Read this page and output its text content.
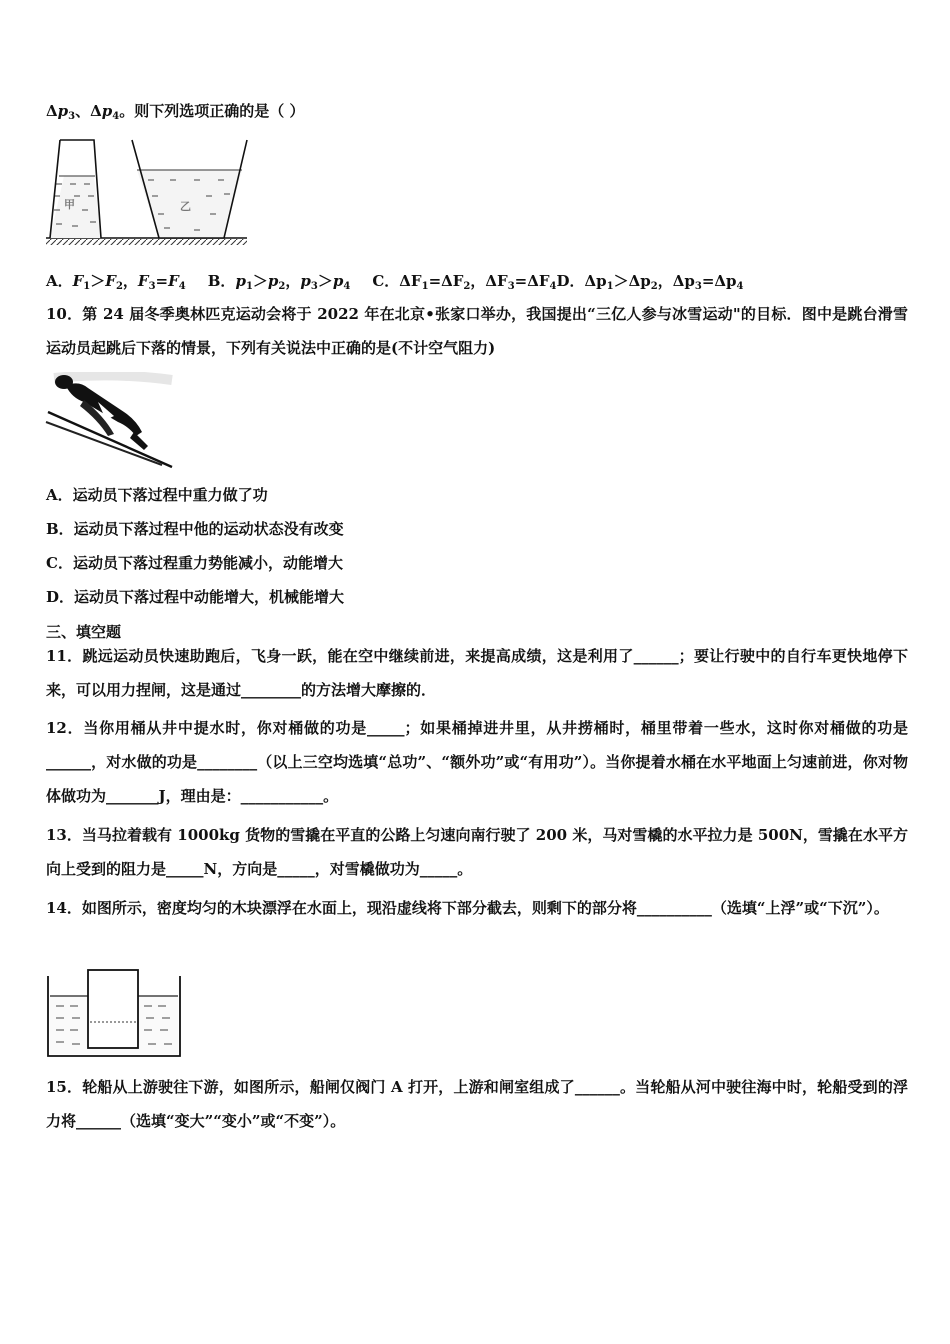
$\Delta p_3$、$\Delta p_4$。则下列选项正确的是（ ）
甲	乙
A．$F_1>F_2$，$F_3=F_4$ B．$p_1>p_2$，$p_3>p_4$ C．$\Delta F_1=\Delta F_2$，$\Delta F_3=\Delta F_4D$．$\Delta p_1>\Delta p_2$，$\Delta p_3=\Delta p_4$
10．第 24 届冬季奥林匹克运动会将于 2022 年在北京•张家口举办，我国提出“三亿人参与冰雪运动"的目标．图中是跳台滑雪运动员起跳后下落的情景，下列有关说法中正确的是(不计空气阻力)
A．运动员下落过程中重力做了功
B．运动员下落过程中他的运动状态没有改变
C．运动员下落过程重力势能减小，动能增大
D．运动员下落过程中动能增大，机械能增大
三、填空题
11．跳远运动员快速助跑后，飞身一跃，能在空中继续前进，来提高成绩，这是利用了______；要让行驶中的自行车更快地停下来，可以用力捏闸，这是通过________的方法增大摩擦的．
12．当你用桶从井中提水时，你对桶做的功是_____；如果桶掉进井里，从井捞桶时，桶里带着一些水，这时你对桶做的功是______，对水做的功是________（以上三空均选填“总功”、“额外功”或“有用功”）。当你提着水桶在水平地面上匀速前进，你对物体做功为_______J，理由是：___________。
13．当马拉着载有 1000kg 货物的雪撬在平直的公路上匀速向南行驶了 200 米，马对雪橇的水平拉力是 500N，雪撬在水平方向上受到的阻力是_____N，方向是_____，对雪橇做功为_____。
14．如图所示，密度均匀的木块漂浮在水面上，现沿虚线将下部分截去，则剩下的部分将__________（选填“上浮”或“下沉”）。
15．轮船从上游驶往下游，如图所示，船闸仅阀门 A 打开，上游和闸室组成了______。当轮船从河中驶往海中时，轮船受到的浮力将______（选填“变大”“变小”或“不变”）。
